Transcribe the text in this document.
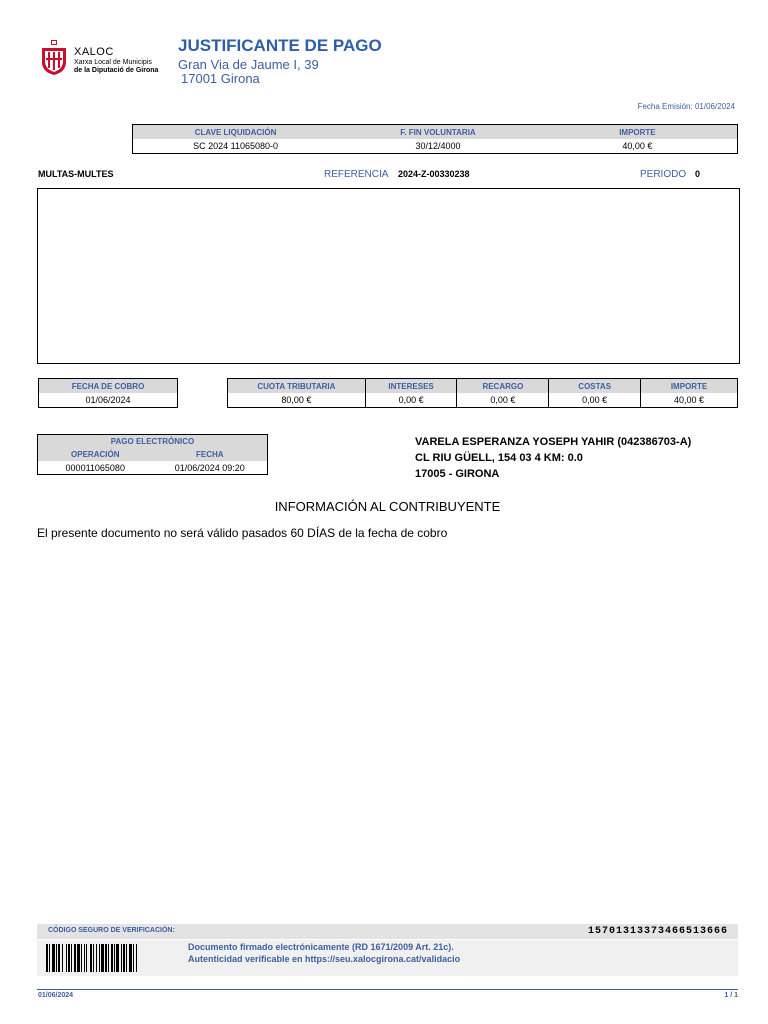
XALOC
Xarxa Local de Municipis
de la Diputació de Girona
JUSTIFICANTE DE PAGO
Gran Via de Jaume I, 39
17001 Girona
Fecha Emisión: 01/06/2024
CLAVE LIQUIDACIÓN	F. FIN VOLUNTARIA	IMPORTE
SC 2024 11065080-0	30/12/4000	40,00 €
MULTAS-MULTES	REFERENCIA 2024-Z-00330238	PERIODO 0
FECHA DE COBRO
01/06/2024
CUOTA TRIBUTARIA	INTERESES	RECARGO	COSTAS	IMPORTE
80,00 €	0,00 €	0,00 €	0,00 €	40,00 €
PAGO ELECTRÓNICO	
OPERACIÓN	FECHA
000011065080	01/06/2024 09:20
VARELA ESPERANZA YOSEPH YAHIR (042386703-A)
CL RIU GÜELL, 154 03 4 KM: 0.0
17005 - GIRONA
INFORMACIÓN AL CONTRIBUYENTE
El presente documento no será válido pasados 60 DÍAS de la fecha de cobro
CÓDIGO SEGURO DE VERIFICACIÓN:	15701313373466513666
Documento firmado electrónicamente (RD 1671/2009 Art. 21c).
Autenticidad verificable en https://seu.xalocgirona.cat/validacio
01/06/2024	1 / 1
